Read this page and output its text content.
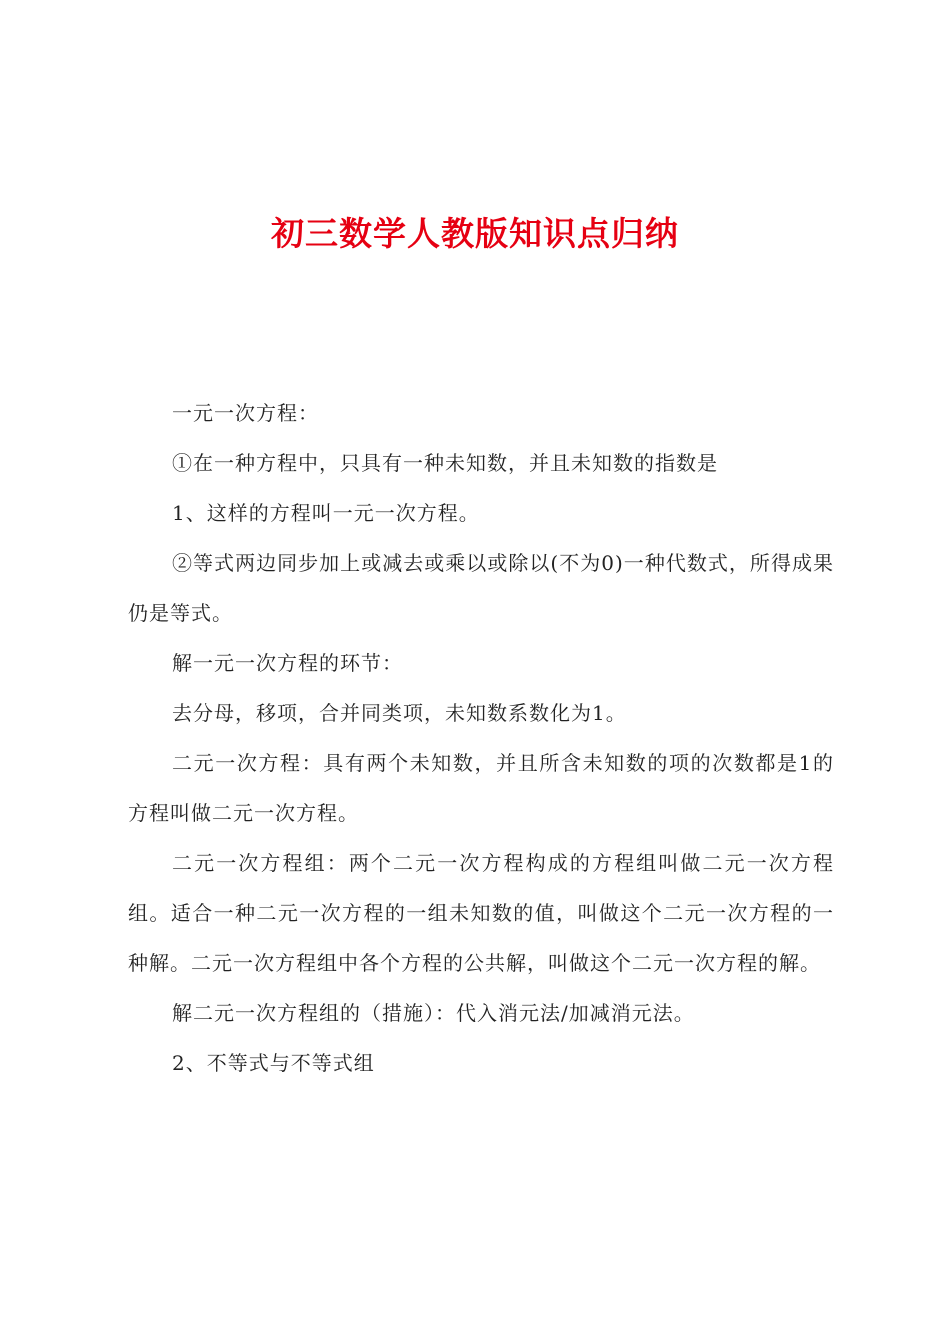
初三数学人教版知识点归纳

一元一次方程：

①在一种方程中，只具有一种未知数，并且未知数的指数是

1、这样的方程叫一元一次方程。

②等式两边同步加上或减去或乘以或除以(不为0)一种代数式，所得成果仍是等式。

解一元一次方程的环节：

去分母，移项，合并同类项，未知数系数化为1。

二元一次方程：具有两个未知数，并且所含未知数的项的次数都是1的方程叫做二元一次方程。

二元一次方程组：两个二元一次方程构成的方程组叫做二元一次方程组。适合一种二元一次方程的一组未知数的值，叫做这个二元一次方程的一种解。二元一次方程组中各个方程的公共解，叫做这个二元一次方程的解。

解二元一次方程组的（措施）：代入消元法/加减消元法。

2、不等式与不等式组
